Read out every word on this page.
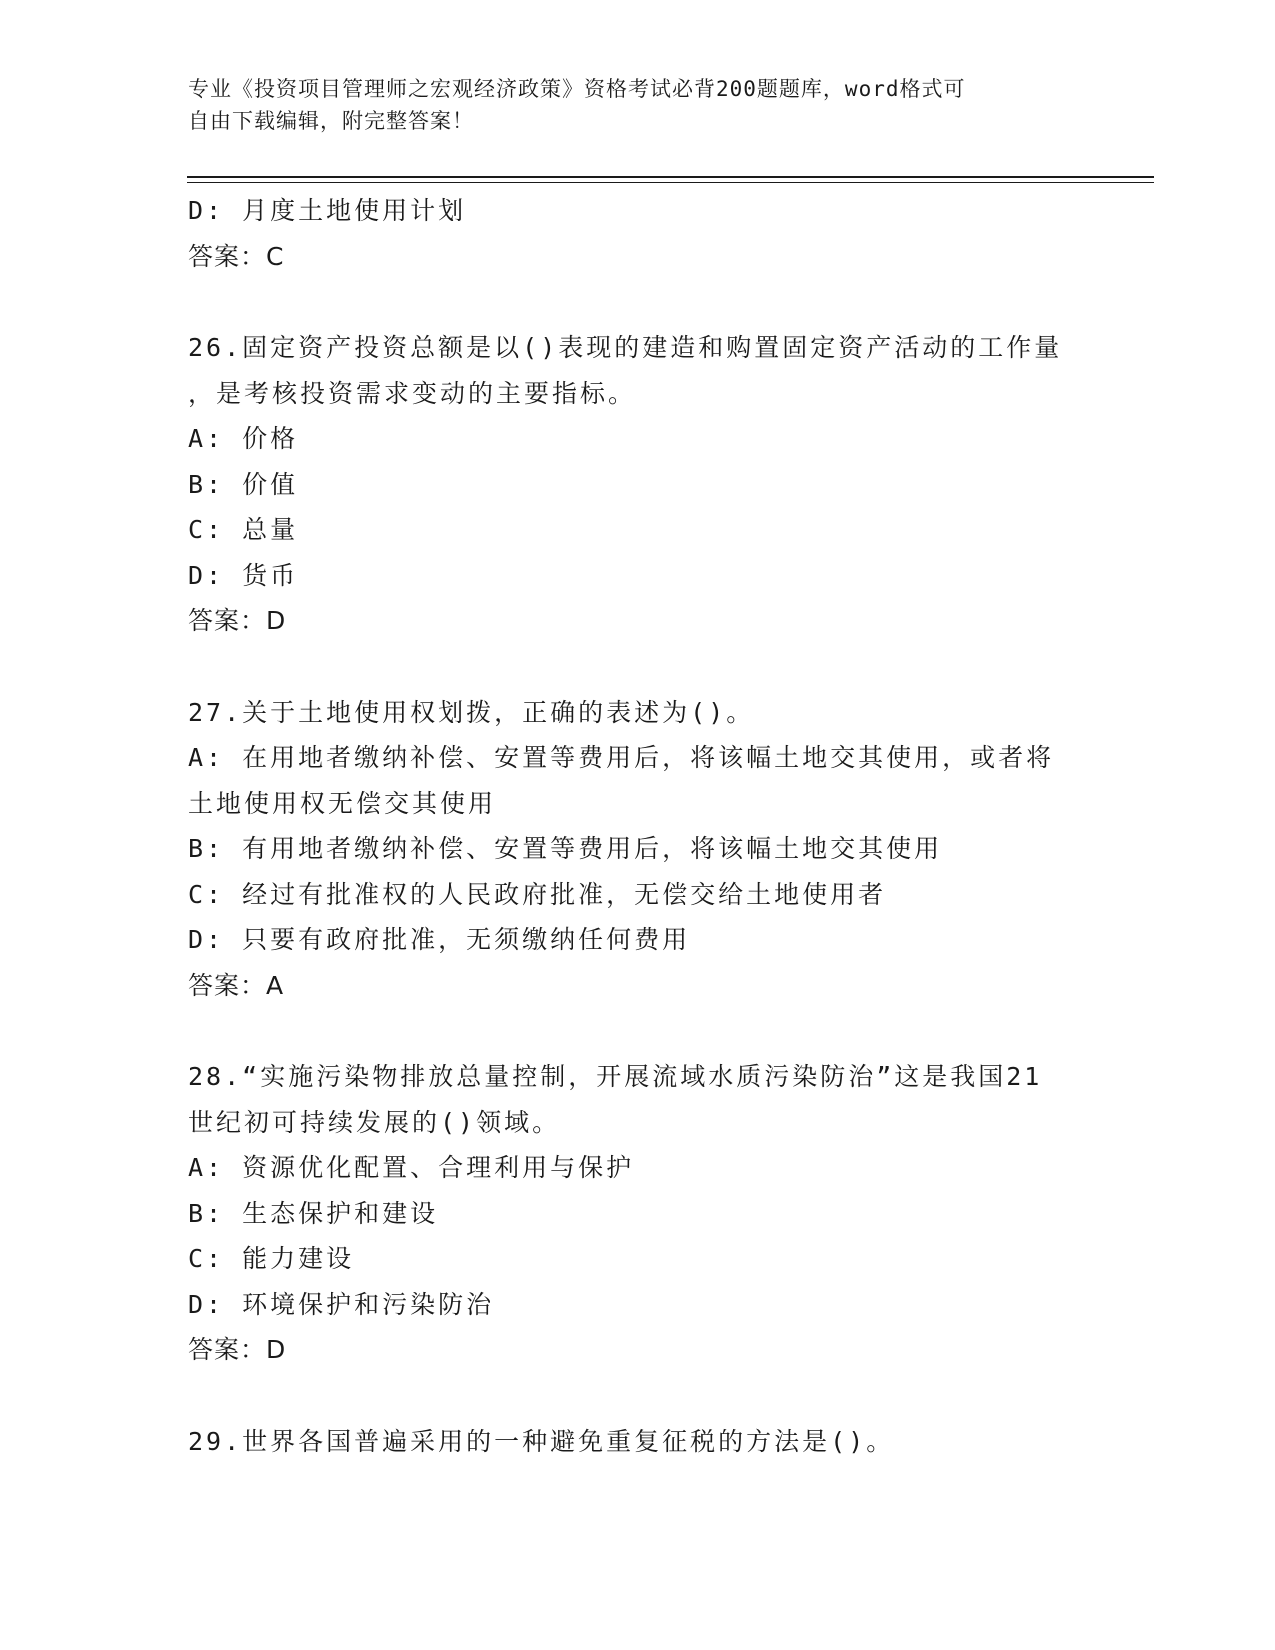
专业《投资项目管理师之宏观经济政策》资格考试必背200题题库，word格式可
自由下载编辑，附完整答案！
D: 月度土地使用计划
答案：C
26.固定资产投资总额是以()表现的建造和购置固定资产活动的工作量
，是考核投资需求变动的主要指标。
A: 价格
B: 价值
C: 总量
D: 货币
答案：D
27.关于土地使用权划拨，正确的表述为()。
A: 在用地者缴纳补偿、安置等费用后，将该幅土地交其使用，或者将
土地使用权无偿交其使用
B: 有用地者缴纳补偿、安置等费用后，将该幅土地交其使用
C: 经过有批准权的人民政府批准，无偿交给土地使用者
D: 只要有政府批准，无须缴纳任何费用
答案：A
28.“实施污染物排放总量控制，开展流域水质污染防治”这是我国21
世纪初可持续发展的()领域。
A: 资源优化配置、合理利用与保护
B: 生态保护和建设
C: 能力建设
D: 环境保护和污染防治
答案：D
29.世界各国普遍采用的一种避免重复征税的方法是()。
